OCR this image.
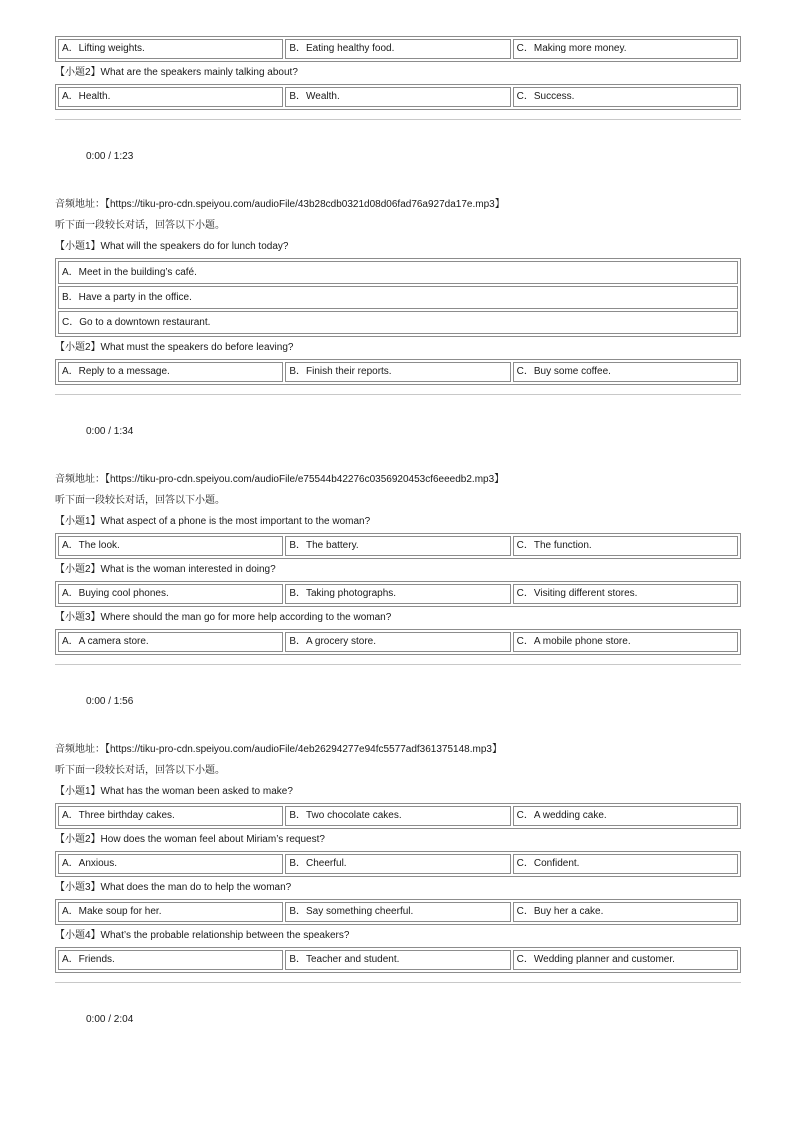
A．Lifting weights.	B．Eating healthy food.	C．Making more money.
【小题2】What are the speakers mainly talking about?
A．Health.	B．Wealth.	C．Success.
0:00 / 1:23
音频地址：【https://tiku-pro-cdn.speiyou.com/audioFile/43b28cdb0321d08d06fad76a927da17e.mp3】
听下面一段较长对话，回答以下小题。
【小题1】What will the speakers do for lunch today?
A．Meet in the building’s café.
B．Have a party in the office.
C．Go to a downtown restaurant.
【小题2】What must the speakers do before leaving?
A．Reply to a message.	B．Finish their reports.	C．Buy some coffee.
0:00 / 1:34
音频地址：【https://tiku-pro-cdn.speiyou.com/audioFile/e75544b42276c0356920453cf6eeedb2.mp3】
听下面一段较长对话，回答以下小题。
【小题1】What aspect of a phone is the most important to the woman?
A．The look.	B．The battery.	C．The function.
【小题2】What is the woman interested in doing?
A．Buying cool phones.	B．Taking photographs.	C．Visiting different stores.
【小题3】Where should the man go for more help according to the woman?
A．A camera store.	B．A grocery store.	C．A mobile phone store.
0:00 / 1:56
音频地址：【https://tiku-pro-cdn.speiyou.com/audioFile/4eb26294277e94fc5577adf361375148.mp3】
听下面一段较长对话，回答以下小题。
【小题1】What has the woman been asked to make?
A．Three birthday cakes.	B．Two chocolate cakes.	C．A wedding cake.
【小题2】How does the woman feel about Miriam’s request?
A．Anxious.	B．Cheerful.	C．Confident.
【小题3】What does the man do to help the woman?
A．Make soup for her.	B．Say something cheerful.	C．Buy her a cake.
【小题4】What’s the probable relationship between the speakers?
A．Friends.	B．Teacher and student.	C．Wedding planner and customer.
0:00 / 2:04
